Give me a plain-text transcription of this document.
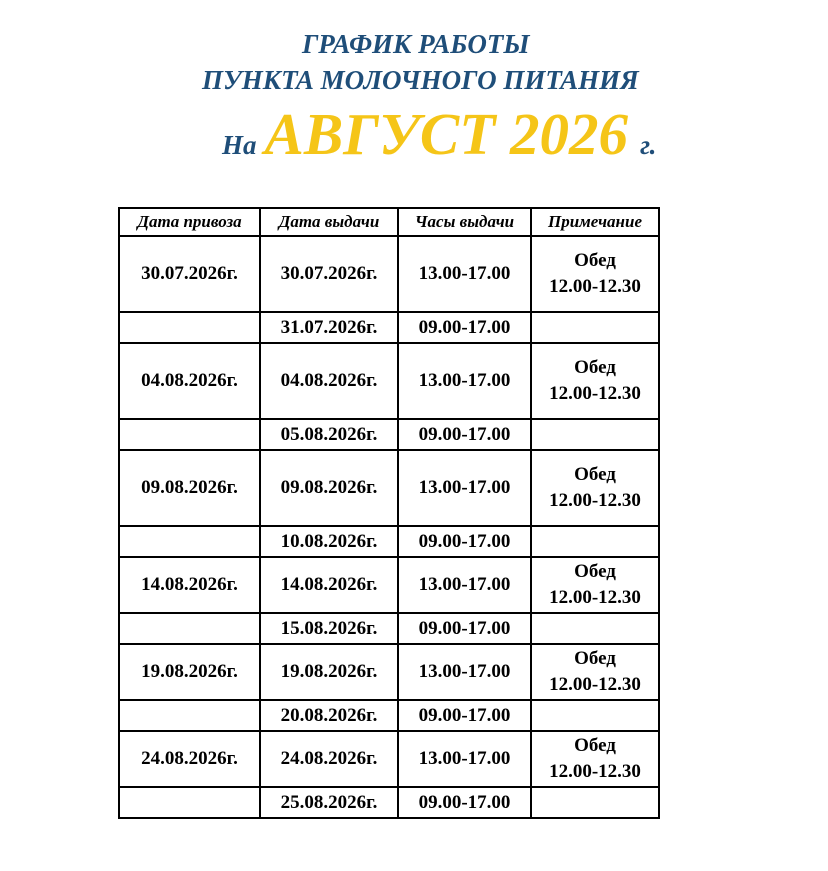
ГРАФИК РАБОТЫ
ПУНКТА МОЛОЧНОГО ПИТАНИЯ
На АВГУСТ 2026 г.
Дата привоза	Дата выдачи	Часы выдачи	Примечание
30.07.2026г.	30.07.2026г.	13.00-17.00	Обед
12.00-12.30

	31.07.2026г.	09.00-17.00	
04.08.2026г.	04.08.2026г.	13.00-17.00	Обед
12.00-12.30

	05.08.2026г.	09.00-17.00	
09.08.2026г.	09.08.2026г.	13.00-17.00	Обед
12.00-12.30

	10.08.2026г.	09.00-17.00	
14.08.2026г.	14.08.2026г.	13.00-17.00	Обед
12.00-12.30

	15.08.2026г.	09.00-17.00	
19.08.2026г.	19.08.2026г.	13.00-17.00	Обед
12.00-12.30

	20.08.2026г.	09.00-17.00	
24.08.2026г.	24.08.2026г.	13.00-17.00	Обед
12.00-12.30

	25.08.2026г.	09.00-17.00	
